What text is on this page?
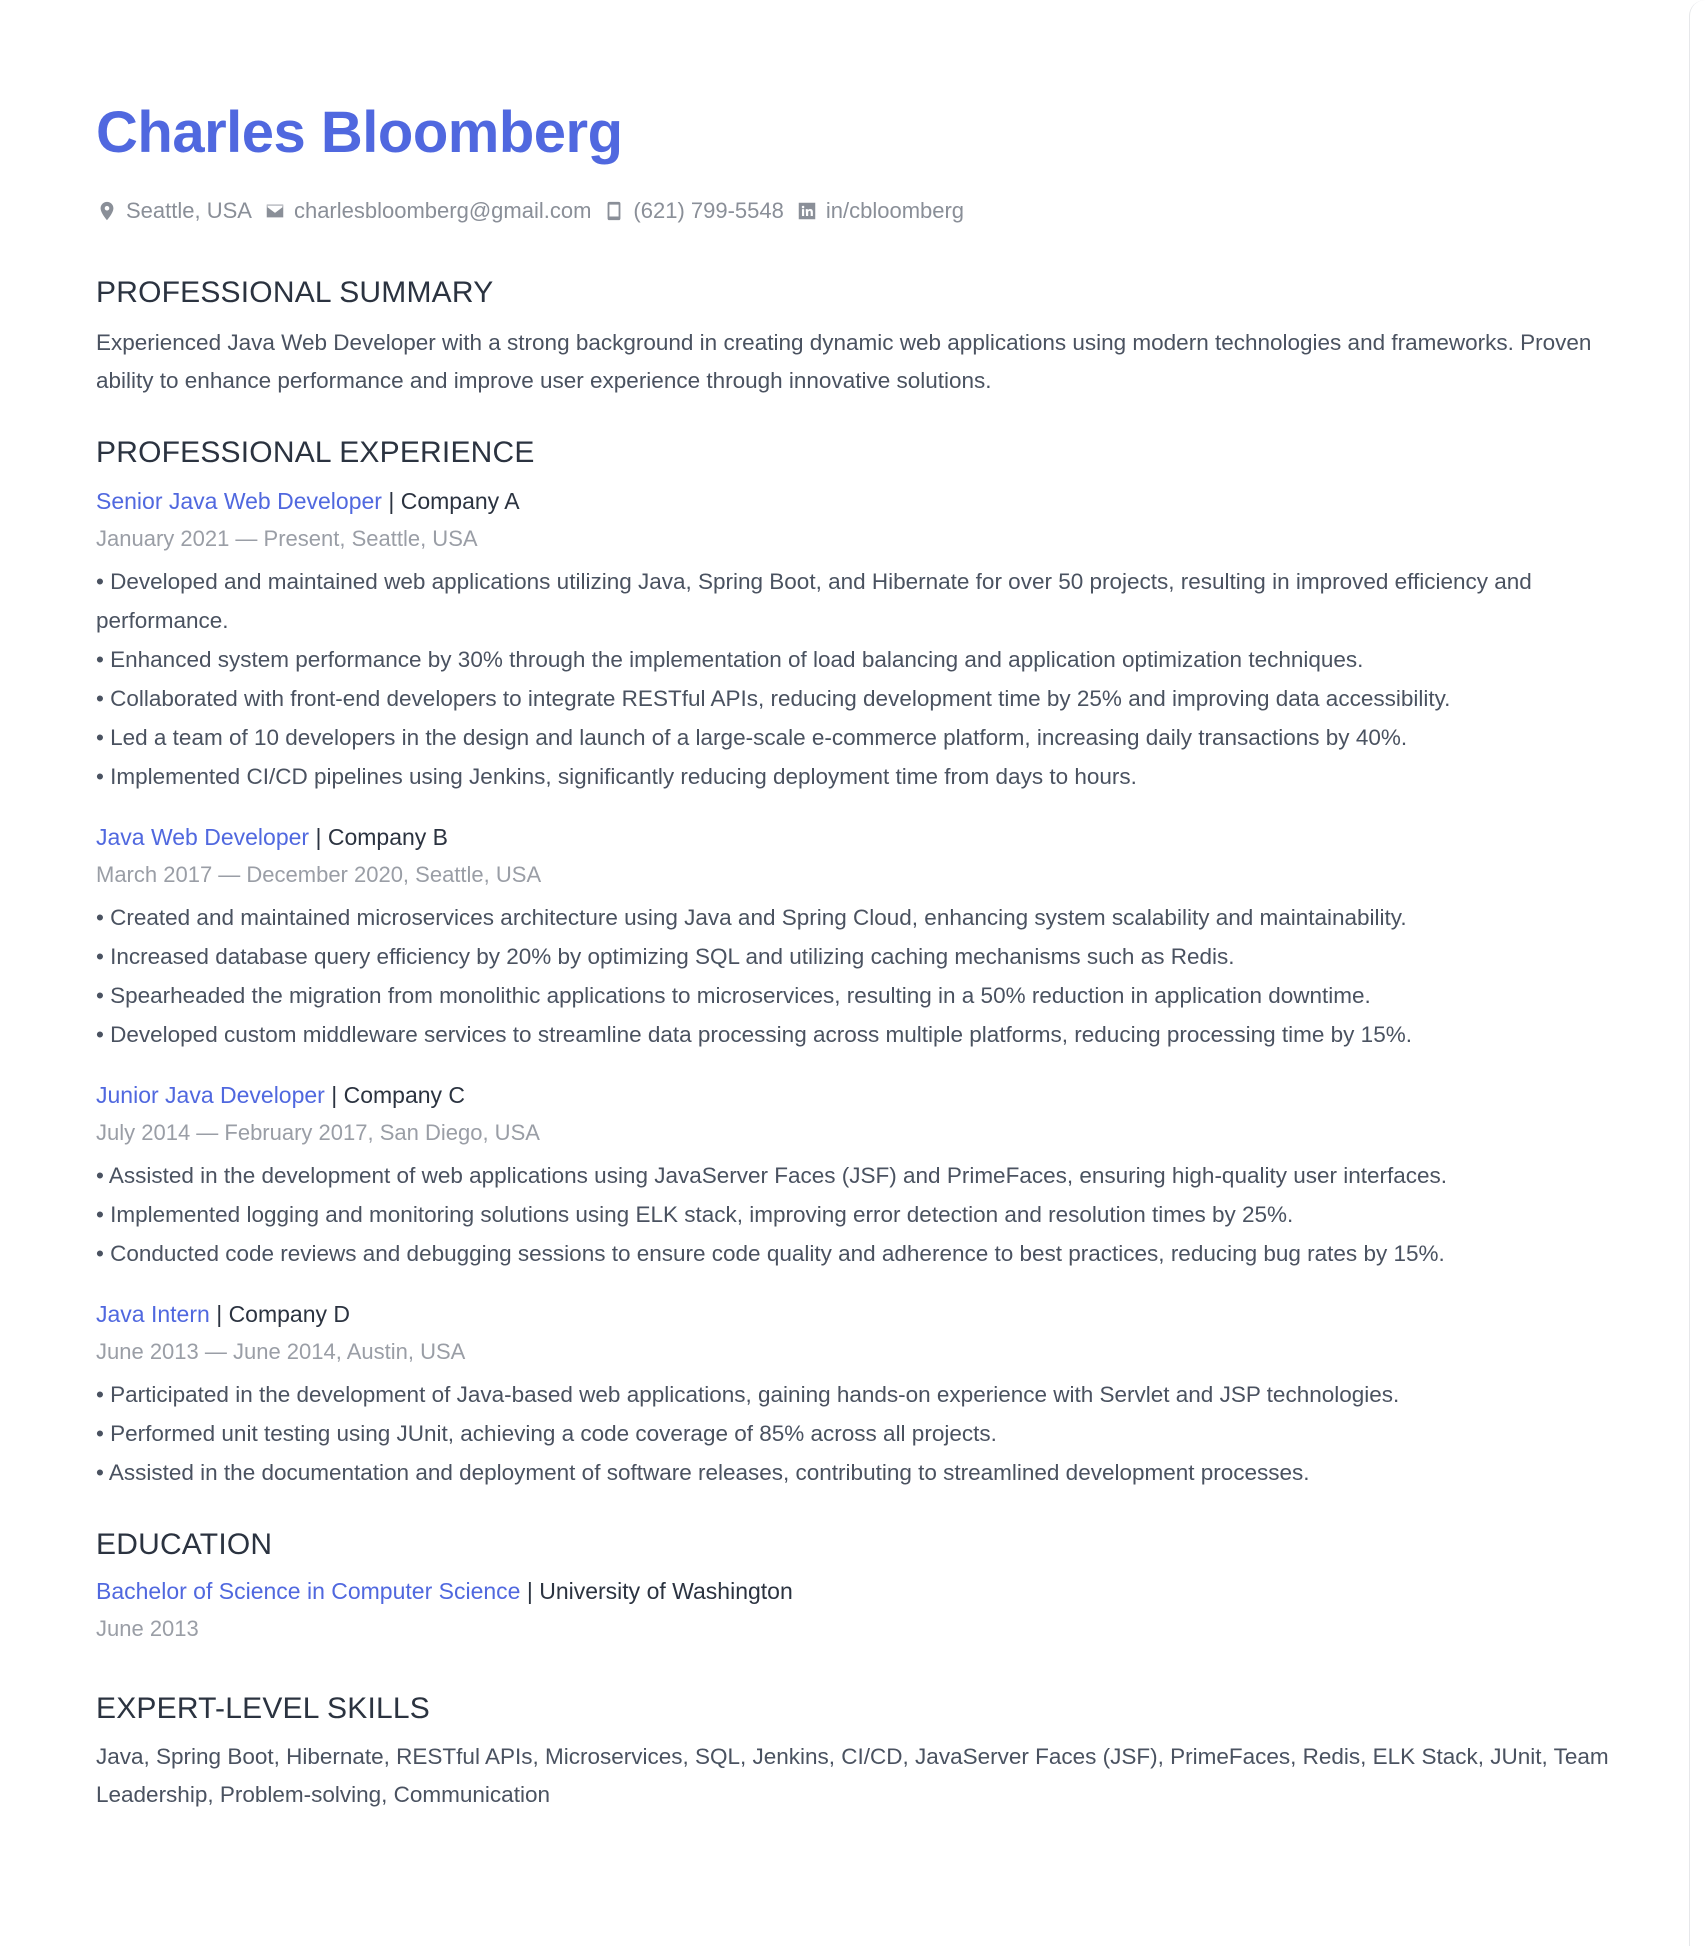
Charles Bloomberg
Seattle, USA charlesbloomberg@gmail.com (621) 799-5548 in/cbloomberg
PROFESSIONAL SUMMARY
Experienced Java Web Developer with a strong background in creating dynamic web applications using modern technologies and frameworks. Proven ability to enhance performance and improve user experience through innovative solutions.
PROFESSIONAL EXPERIENCE
Senior Java Web Developer | Company A
January 2021 — Present, Seattle, USA
• Developed and maintained web applications utilizing Java, Spring Boot, and Hibernate for over 50 projects, resulting in improved efficiency and performance.
• Enhanced system performance by 30% through the implementation of load balancing and application optimization techniques.
• Collaborated with front-end developers to integrate RESTful APIs, reducing development time by 25% and improving data accessibility.
• Led a team of 10 developers in the design and launch of a large-scale e-commerce platform, increasing daily transactions by 40%.
• Implemented CI/CD pipelines using Jenkins, significantly reducing deployment time from days to hours.
Java Web Developer | Company B
March 2017 — December 2020, Seattle, USA
• Created and maintained microservices architecture using Java and Spring Cloud, enhancing system scalability and maintainability.
• Increased database query efficiency by 20% by optimizing SQL and utilizing caching mechanisms such as Redis.
• Spearheaded the migration from monolithic applications to microservices, resulting in a 50% reduction in application downtime.
• Developed custom middleware services to streamline data processing across multiple platforms, reducing processing time by 15%.
Junior Java Developer | Company C
July 2014 — February 2017, San Diego, USA
• Assisted in the development of web applications using JavaServer Faces (JSF) and PrimeFaces, ensuring high-quality user interfaces.
• Implemented logging and monitoring solutions using ELK stack, improving error detection and resolution times by 25%.
• Conducted code reviews and debugging sessions to ensure code quality and adherence to best practices, reducing bug rates by 15%.
Java Intern | Company D
June 2013 — June 2014, Austin, USA
• Participated in the development of Java-based web applications, gaining hands-on experience with Servlet and JSP technologies.
• Performed unit testing using JUnit, achieving a code coverage of 85% across all projects.
• Assisted in the documentation and deployment of software releases, contributing to streamlined development processes.
EDUCATION
Bachelor of Science in Computer Science | University of Washington
June 2013
EXPERT-LEVEL SKILLS
Java, Spring Boot, Hibernate, RESTful APIs, Microservices, SQL, Jenkins, CI/CD, JavaServer Faces (JSF), PrimeFaces, Redis, ELK Stack, JUnit, Team Leadership, Problem-solving, Communication
